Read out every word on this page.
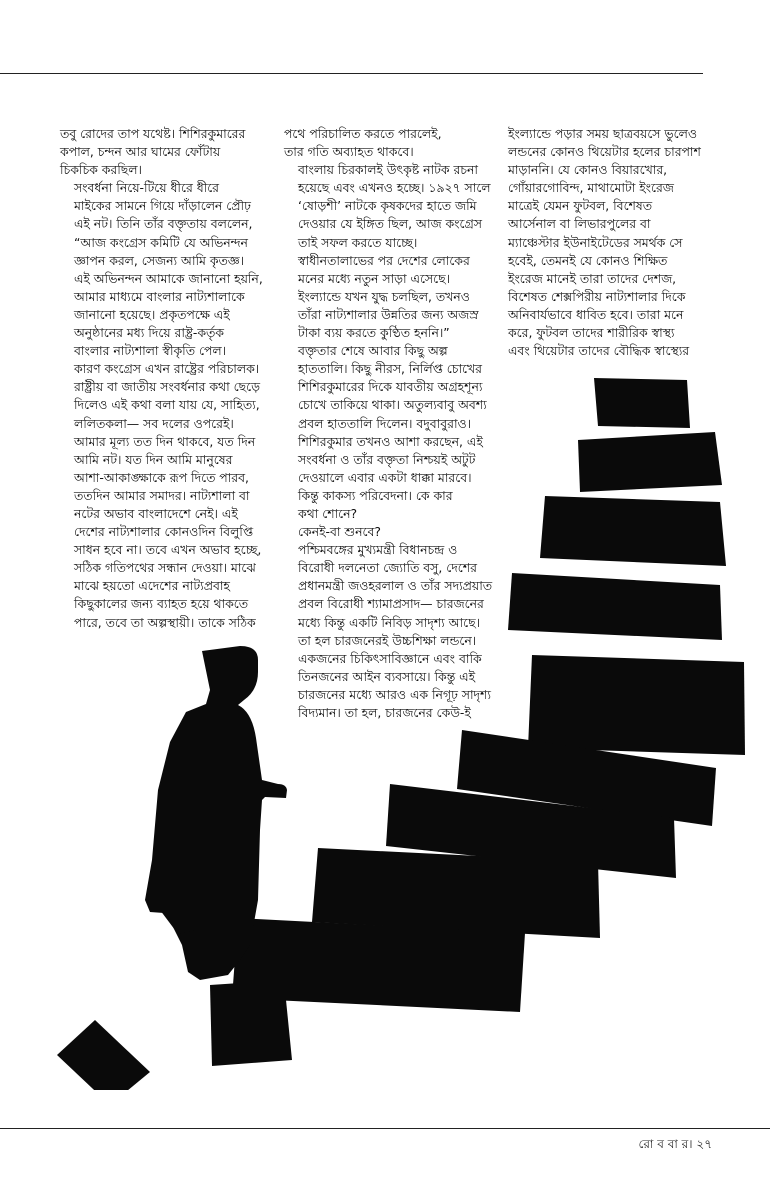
তবু রোদের তাপ যথেষ্ট। শিশিরকুমারের
কপাল, চন্দন আর ঘামের ফোঁটায়
চিকচিক করছিল।

সংবর্ধনা নিয়ে-টিয়ে ধীরে ধীরে
মাইকের সামনে গিয়ে দাঁড়ালেন প্রৌঢ়
এই নট। তিনি তাঁর বক্তৃতায় বললেন,
“আজ কংগ্রেস কমিটি যে অভিনন্দন
জ্ঞাপন করল, সেজন্য আমি কৃতজ্ঞ।
এই অভিনন্দন আমাকে জানানো হয়নি,
আমার মাধ্যমে বাংলার নাট্যশালাকে
জানানো হয়েছে। প্রকৃতপক্ষে এই
অনুষ্ঠানের মধ্য দিয়ে রাষ্ট্র-কর্তৃক
বাংলার নাট্যশালা স্বীকৃতি পেল।
কারণ কংগ্রেস এখন রাষ্ট্রের পরিচালক।
রাষ্ট্রীয় বা জাতীয় সংবর্ধনার কথা ছেড়ে
দিলেও এই কথা বলা যায় যে, সাহিত্য,
ললিতকলা— সব দলের ওপরেই।

আমার মূল্য তত দিন থাকবে, যত দিন
আমি নট। যত দিন আমি মানুষের
আশা-আকাঙ্ক্ষাকে রূপ দিতে পারব,
ততদিন আমার সমাদর। নাট্যশালা বা
নটের অভাব বাংলাদেশে নেই। এই
দেশের নাট্যশালার কোনওদিন বিলুপ্তি
সাধন হবে না। তবে এখন অভাব হচ্ছে,
সঠিক গতিপথের সন্ধান দেওয়া। মাঝে
মাঝে হয়তো এদেশের নাট্যপ্রবাহ
কিছুকালের জন্য ব্যাহত হয়ে থাকতে
পারে, তবে তা অল্পস্থায়ী। তাকে সঠিক

পথে পরিচালিত করতে পারলেই,
তার গতি অব্যাহত থাকবে।

বাংলায় চিরকালই উৎকৃষ্ট নাটক রচনা
হয়েছে এবং এখনও হচ্ছে। ১৯২৭ সালে
‘ষোড়শী’ নাটকে কৃষকদের হাতে জমি
দেওয়ার যে ইঙ্গিত ছিল, আজ কংগ্রেস
তাই সফল করতে যাচ্ছে।

স্বাধীনতালাভের পর দেশের লোকের
মনের মধ্যে নতুন সাড়া এসেছে।

ইংল্যান্ডে যখন যুদ্ধ চলছিল, তখনও
তাঁরা নাট্যশালার উন্নতির জন্য অজস্র
টাকা ব্যয় করতে কুণ্ঠিত হননি।”

বক্তৃতার শেষে আবার কিছু অল্প
হাততালি। কিছু নীরস, নির্লিপ্ত চোখের
শিশিরকুমারের দিকে যাবতীয় অগ্রহশূন্য
চোখে তাকিয়ে থাকা। অতুল্যবাবু অবশ্য
প্রবল হাততালি দিলেন। বদুবাবুরাও।
শিশিরকুমার তখনও আশা করছেন, এই
সংবর্ধনা ও তাঁর বক্তৃতা নিশ্চয়ই অটুট
দেওয়ালে এবার একটা ধাক্কা মারবে।

কিন্তু কাকস্য পরিবেদনা। কে কার
কথা শোনে?

কেনই-বা শুনবে?

পশ্চিমবঙ্গের মুখ্যমন্ত্রী বিধানচন্দ্র ও
বিরোধী দলনেতা জ্যোতি বসু, দেশের
প্রধানমন্ত্রী জওহরলাল ও তাঁর সদ্যপ্রয়াত
প্রবল বিরোধী শ্যামাপ্রসাদ— চারজনের
মধ্যে কিন্তু একটি নিবিড় সাদৃশ্য আছে।
তা হল চারজনেরই উচ্চশিক্ষা লন্ডনে।
একজনের চিকিৎসাবিজ্ঞানে এবং বাকি
তিনজনের আইন ব্যবসায়ে। কিন্তু এই
চারজনের মধ্যে আরও এক নিগূঢ় সাদৃশ্য
বিদ্যমান। তা হল, চারজনের কেউ-ই

ইংল্যান্ডে পড়ার সময় ছাত্রবয়সে ভুলেও
লন্ডনের কোনও থিয়েটার হলের চারপাশ
মাড়াননি। যে কোনও বিয়ারখোর,
গোঁয়ারগোবিন্দ, মাথামোটা ইংরেজ
মাত্রেই যেমন ফুটবল, বিশেষত
আর্সেনাল বা লিভারপুলের বা
ম্যাঞ্চেস্টার ইউনাইটেডের সমর্থক সে
হবেই, তেমনই যে কোনও শিক্ষিত
ইংরেজ মানেই তারা তাদের দেশজ,
বিশেষত শেক্সপিরীয় নাট্যশালার দিকে
অনিবার্যভাবে ধাবিত হবে। তারা মনে
করে, ফুটবল তাদের শারীরিক স্বাস্থ্য
এবং থিয়েটার তাদের বৌদ্ধিক স্বাস্থ্যের

রো ব বা র। ২৭
